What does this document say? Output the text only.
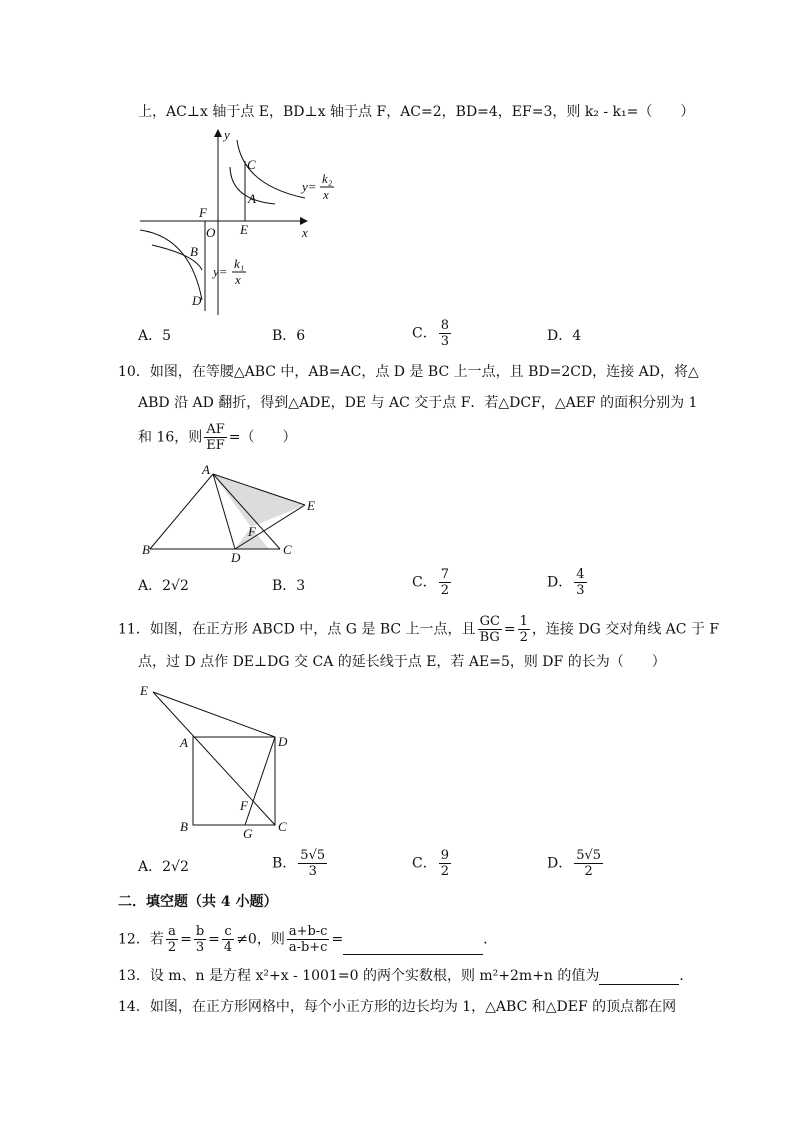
上，AC⊥x 轴于点 E，BD⊥x 轴于点 F，AC=2，BD=4，EF=3，则 k₂ - k₁=（　　）
y
x
C
A
E
F
O
B
D
y=
k₂
x
y=
k₁
x
A．5	B．6	C． $\frac{8}{3}$	D．4
10．如图，在等腰△ABC 中，AB=AC，点 D 是 BC 上一点，且 BD=2CD，连接 AD，将△
ABD 沿 AD 翻折，得到△ADE，DE 与 AC 交于点 F．若△DCF，△AEF 的面积分别为 1
和 16，则 $\frac{AF}{EF}$ =（　　）
A
B
D
C
E
F
A．2√2	B．3	C． $\frac{7}{2}$	D． $\frac{4}{3}$
11．如图，在正方形 ABCD 中，点 G 是 BC 上一点，且 $\frac{GC}{BG} = \frac{1}{2}$ ，连接 DG 交对角线 AC 于 F
点，过 D 点作 DE⊥DG 交 CA 的延长线于点 E，若 AE=5，则 DF 的长为（　　）
E
A	D
F
B	G C
A．2√2	B． $\frac{5√5}{3}$	C． $\frac{9}{2}$	D． $\frac{5√5}{2}$
二．填空题（共 4 小题）
12．若 $\frac{a}{2} = \frac{b}{3} = \frac{c}{4} \ne 0$，则 $\frac{a+b-c}{a-b+c}$ =	．
13．设 m、n 是方程 x²+x - 1001=0 的两个实数根，则 m²+2m+n 的值为	．
14．如图，在正方形网格中，每个小正方形的边长均为 1，△ABC 和△DEF 的顶点都在网
